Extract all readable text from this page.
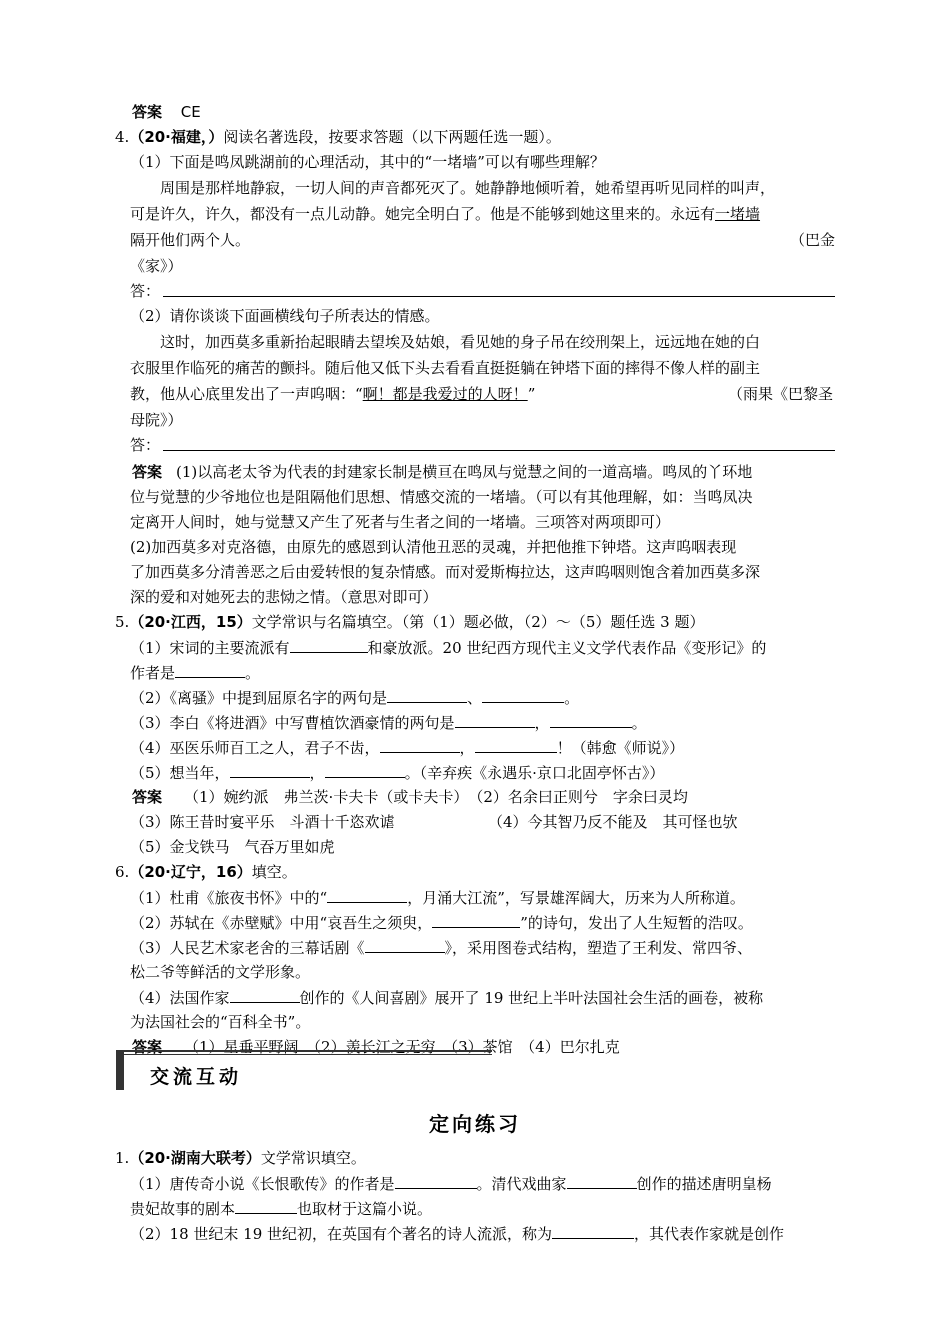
答案 CE
4.（20·福建，）阅读名著选段，按要求答题（以下两题任选一题）。
（1）下面是鸣凤跳湖前的心理活动，其中的“一堵墙”可以有哪些理解？
周围是那样地静寂，一切人间的声音都死灭了。她静静地倾听着，她希望再听见同样的叫声，
可是许久，许久，都没有一点儿动静。她完全明白了。他是不能够到她这里来的。永远有一堵墙
隔开他们两个人。	（巴金
《家》）
答：
（2）请你谈谈下面画横线句子所表达的情感。
这时，加西莫多重新抬起眼睛去望埃及姑娘，看见她的身子吊在绞刑架上，远远地在她的白
衣服里作临死的痛苦的颤抖。随后他又低下头去看看直挺挺躺在钟塔下面的摔得不像人样的副主
教，他从心底里发出了一声呜咽：“啊！都是我爱过的人呀！”	（雨果《巴黎圣
母院》）
答：
答案 (1)以高老太爷为代表的封建家长制是横亘在鸣凤与觉慧之间的一道高墙。鸣凤的丫环地
位与觉慧的少爷地位也是阻隔他们思想、情感交流的一堵墙。（可以有其他理解，如：当鸣凤决
定离开人间时，她与觉慧又产生了死者与生者之间的一堵墙。三项答对两项即可）
(2)加西莫多对克洛德，由原先的感恩到认清他丑恶的灵魂，并把他推下钟塔。这声呜咽表现
了加西莫多分清善恶之后由爱转恨的复杂情感。而对爱斯梅拉达，这声呜咽则饱含着加西莫多深
深的爱和对她死去的悲恸之情。（意思对即可）
5.（20·江西，15）文学常识与名篇填空。（第（1）题必做，（2）～（5）题任选 3 题）
（1）宋词的主要流派有	和豪放派。20 世纪西方现代主义文学代表作品《变形记》的
作者是	。
（2）《离骚》中提到屈原名字的两句是	、	。
（3）李白《将进酒》中写曹植饮酒豪情的两句是	，	。
（4）巫医乐师百工之人，君子不齿，	，	！（韩愈《师说》）
（5）想当年，	，	。（辛弃疾《永遇乐·京口北固亭怀古》）
答案 （1）婉约派　弗兰茨·卡夫卡（或卡夫卡）　（2）名余曰正则兮　字余曰灵均
（3）陈王昔时宴平乐　斗酒十千恣欢谑	（4）今其智乃反不能及　其可怪也欤
（5）金戈铁马　气吞万里如虎
6.（20·辽宁，16）填空。
（1）杜甫《旅夜书怀》中的“	，月涌大江流”，写景雄浑阔大，历来为人所称道。
（2）苏轼在《赤壁赋》中用“哀吾生之须臾，	”的诗句，发出了人生短暂的浩叹。
（3）人民艺术家老舍的三幕话剧《	》，采用图卷式结构，塑造了王利发、常四爷、
松二爷等鲜活的文学形象。
（4）法国作家	创作的《人间喜剧》展开了 19 世纪上半叶法国社会生活的画卷，被称
为法国社会的“百科全书”。
答案 （1）星垂平野阔　（2）羡长江之无穷　（3）茶馆　（4）巴尔扎克
交流互动
定向练习
1.（20·湖南大联考）文学常识填空。
（1）唐传奇小说《长恨歌传》的作者是	。清代戏曲家	创作的描述唐明皇杨
贵妃故事的剧本	也取材于这篇小说。
（2）18 世纪末 19 世纪初，在英国有个著名的诗人流派，称为	，其代表作家就是创作
